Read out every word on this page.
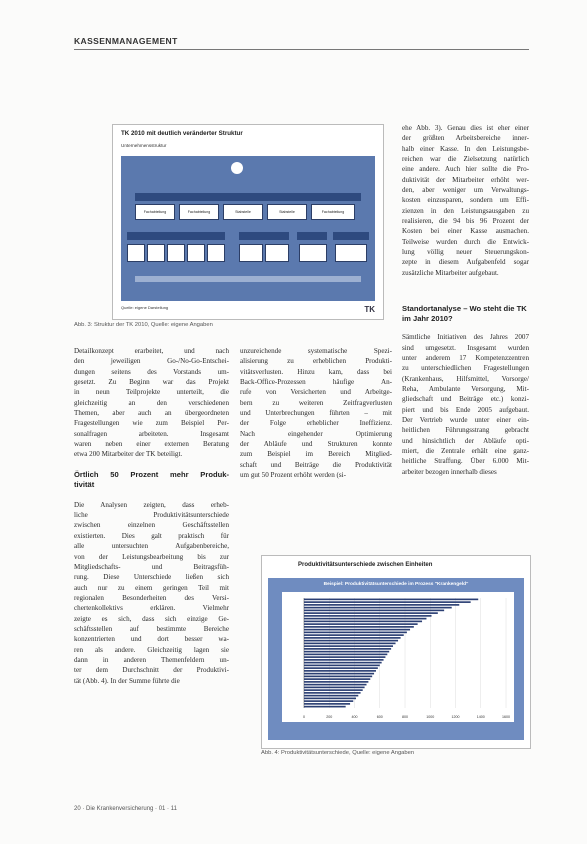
KASSENMANAGEMENT
TK 2010 mit deutlich veränderter Struktur
Unternehmensstruktur
Fachabteilung	Fachabteilung	Stabstelle	Stabstelle	Fachabteilung
Quelle: eigene Darstellung	TK
Abb. 3: Struktur der TK 2010, Quelle: eigene Angaben
Detailkonzept erarbeitet, und nach
den jeweiligen Go-/No-Go-Entschei-
dungen seitens des Vorstands um-
gesetzt. Zu Beginn war das Projekt
in neun Teilprojekte unterteilt, die
gleichzeitig an den verschiedenen
Themen, aber auch an übergeordneten
Fragestellungen wie zum Beispiel Per-
sonalfragen arbeiteten. Insgesamt
waren neben einer externen Beratung
etwa 200 Mitarbeiter der TK beteiligt.
Örtlich 50 Prozent mehr Produk-
tivität
Die Analysen zeigten, dass erheb-
liche Produktivitätsunterschiede
zwischen einzelnen Geschäftsstellen
existierten. Dies galt praktisch für
alle untersuchten Aufgabenbereiche,
von der Leistungsbearbeitung bis zur
Mitgliedschafts- und Beitragsfüh-
rung. Diese Unterschiede ließen sich
auch nur zu einem geringen Teil mit
regionalen Besonderheiten des Versi-
chertenkollektivs erklären. Vielmehr
zeigte es sich, dass sich einzige Ge-
schäftsstellen auf bestimmte Bereiche
konzentrierten und dort besser wa-
ren als andere. Gleichzeitig lagen sie
dann in anderen Themenfeldern un-
ter dem Durchschnitt der Produktivi-
tät (Abb. 4). In der Summe führte die
unzureichende systematische Spezi-
alisierung zu erheblichen Produkti-
vitätsverlusten. Hinzu kam, dass bei
Back-Office-Prozessen häufige An-
rufe von Versicherten und Arbeitge-
bern zu weiteren Zeitfragverlusten
und Unterbrechungen führten – mit
der Folge erheblicher Ineffizienz.
Nach eingehender Optimierung
der Abläufe und Strukturen konnte
zum Beispiel im Bereich Mitglied-
schaft und Beiträge die Produktivität
um gut 50 Prozent erhöht werden (si-
ehe Abb. 3). Genau dies ist eher einer
der größten Arbeitsbereiche inner-
halb einer Kasse. In den Leistungsbe-
reichen war die Zielsetzung natürlich
eine andere. Auch hier sollte die Pro-
duktivität der Mitarbeiter erhöht wer-
den, aber weniger um Verwaltungs-
kosten einzusparen, sondern um Effi-
zienzen in den Leistungsausgaben zu
realisieren, die 94 bis 96 Prozent der
Kosten bei einer Kasse ausmachen.
Teilweise wurden durch die Entwick-
lung völlig neuer Steuerungskon-
zepte in diesem Aufgabenfeld sogar
zusätzliche Mitarbeiter aufgebaut.
Standortanalyse – Wo steht die TK
im Jahr 2010?
Sämtliche Initiativen des Jahres 2007
sind umgesetzt. Insgesamt wurden
unter anderem 17 Kompetenzzentren
zu unterschiedlichen Fragestellungen
(Krankenhaus, Hilfsmittel, Vorsorge/
Reha, Ambulante Versorgung, Mit-
gliedschaft und Beiträge etc.) konzi-
piert und bis Ende 2005 aufgebaut.
Der Vertrieb wurde unter einer ein-
heitlichen Führungsstrang gebracht
und hinsichtlich der Abläufe opti-
miert, die Zentrale erhält eine ganz-
heitliche Straffung. Über 6.000 Mit-
arbeiter bezogen innerhalb dieses
Produktivitätsunterschiede zwischen Einheiten
Beispiel: Produktivitätsunterschiede im Prozess "Krankengeld"
0	200	400	600	800	1000	1200	1400	1600
Abb. 4: Produktivitätsunterschiede, Quelle: eigene Angaben
20 · Die Krankenversicherung · 01 · 11
